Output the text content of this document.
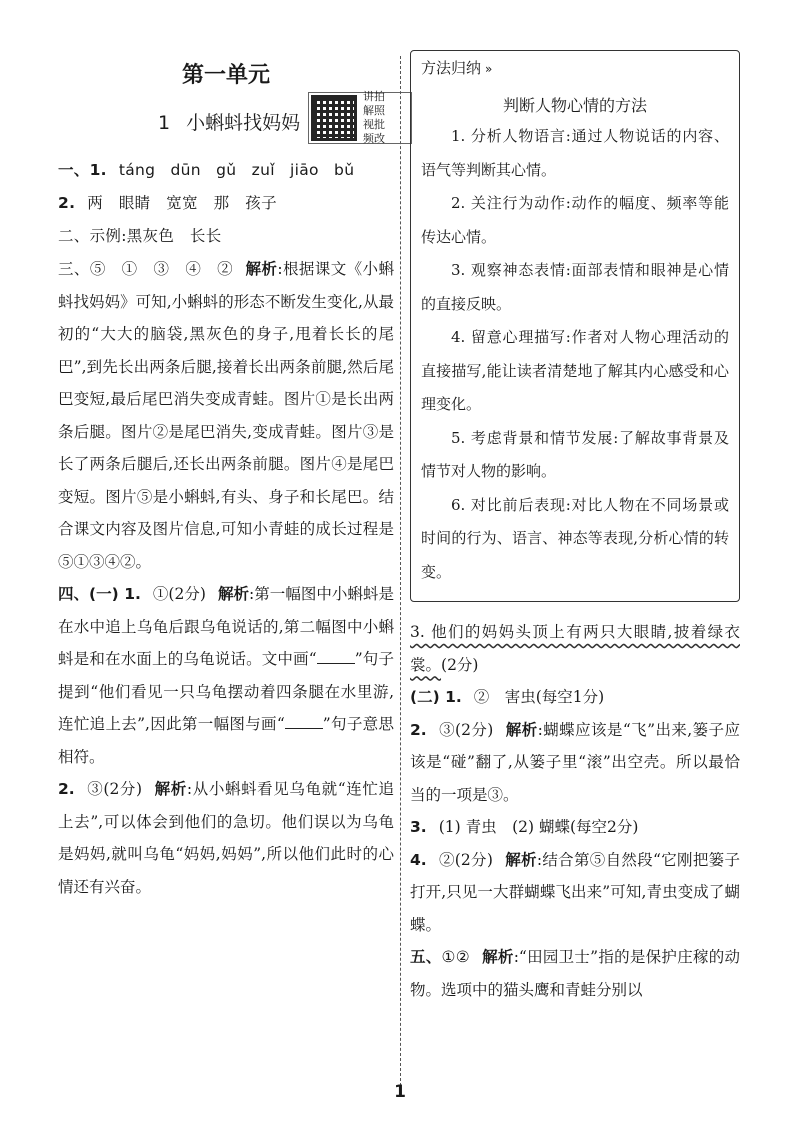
第一单元
1 小蝌蚪找妈妈
讲 拍
解 照
视 批
频 改
一、1. táng dūn gǔ zuǐ jiāo bǔ
2. 两　眼睛　宽宽　那　孩子
二、示例:黑灰色　长长
三、⑤　①　③　④　② 解析:根据课文《小蝌蚪找妈妈》可知,小蝌蚪的形态不断发生变化,从最初的“大大的脑袋,黑灰色的身子,甩着长长的尾巴”,到先长出两条后腿,接着长出两条前腿,然后尾巴变短,最后尾巴消失变成青蛙。图片①是长出两条后腿。图片②是尾巴消失,变成青蛙。图片③是长了两条后腿后,还长出两条前腿。图片④是尾巴变短。图片⑤是小蝌蚪,有头、身子和长尾巴。结合课文内容及图片信息,可知小青蛙的成长过程是⑤①③④②。
四、(一) 1. ①(2分) 解析:第一幅图中小蝌蚪是在水中追上乌龟后跟乌龟说话的,第二幅图中小蝌蚪是和在水面上的乌龟说话。文中画“ ”句子提到“他们看见一只乌龟摆动着四条腿在水里游,连忙追上去”,因此第一幅图与画“ ”句子意思相符。
2. ③(2分) 解析:从小蝌蚪看见乌龟就“连忙追上去”,可以体会到他们的急切。他们误以为乌龟是妈妈,就叫乌龟“妈妈,妈妈”,所以他们此时的心情还有兴奋。
方法归纳 »
判断人物心情的方法
1. 分析人物语言:通过人物说话的内容、语气等判断其心情。
2. 关注行为动作:动作的幅度、频率等能传达心情。
3. 观察神态表情:面部表情和眼神是心情的直接反映。
4. 留意心理描写:作者对人物心理活动的直接描写,能让读者清楚地了解其内心感受和心理变化。
5. 考虑背景和情节发展:了解故事背景及情节对人物的影响。
6. 对比前后表现:对比人物在不同场景或时间的行为、语言、神态等表现,分析心情的转变。
3. 他们的妈妈头顶上有两只大眼睛,披着绿衣裳。(2分)
(二) 1. ②　害虫(每空1分)
2. ③(2分) 解析:蝴蝶应该是“飞”出来,篓子应该是“碰”翻了,从篓子里“滚”出空壳。所以最恰当的一项是③。
3. (1) 青虫　(2) 蝴蝶(每空2分)
4. ②(2分) 解析:结合第⑤自然段“它刚把篓子打开,只见一大群蝴蝶飞出来”可知,青虫变成了蝴蝶。
五、①② 解析:“田园卫士”指的是保护庄稼的动物。选项中的猫头鹰和青蛙分别以
1
